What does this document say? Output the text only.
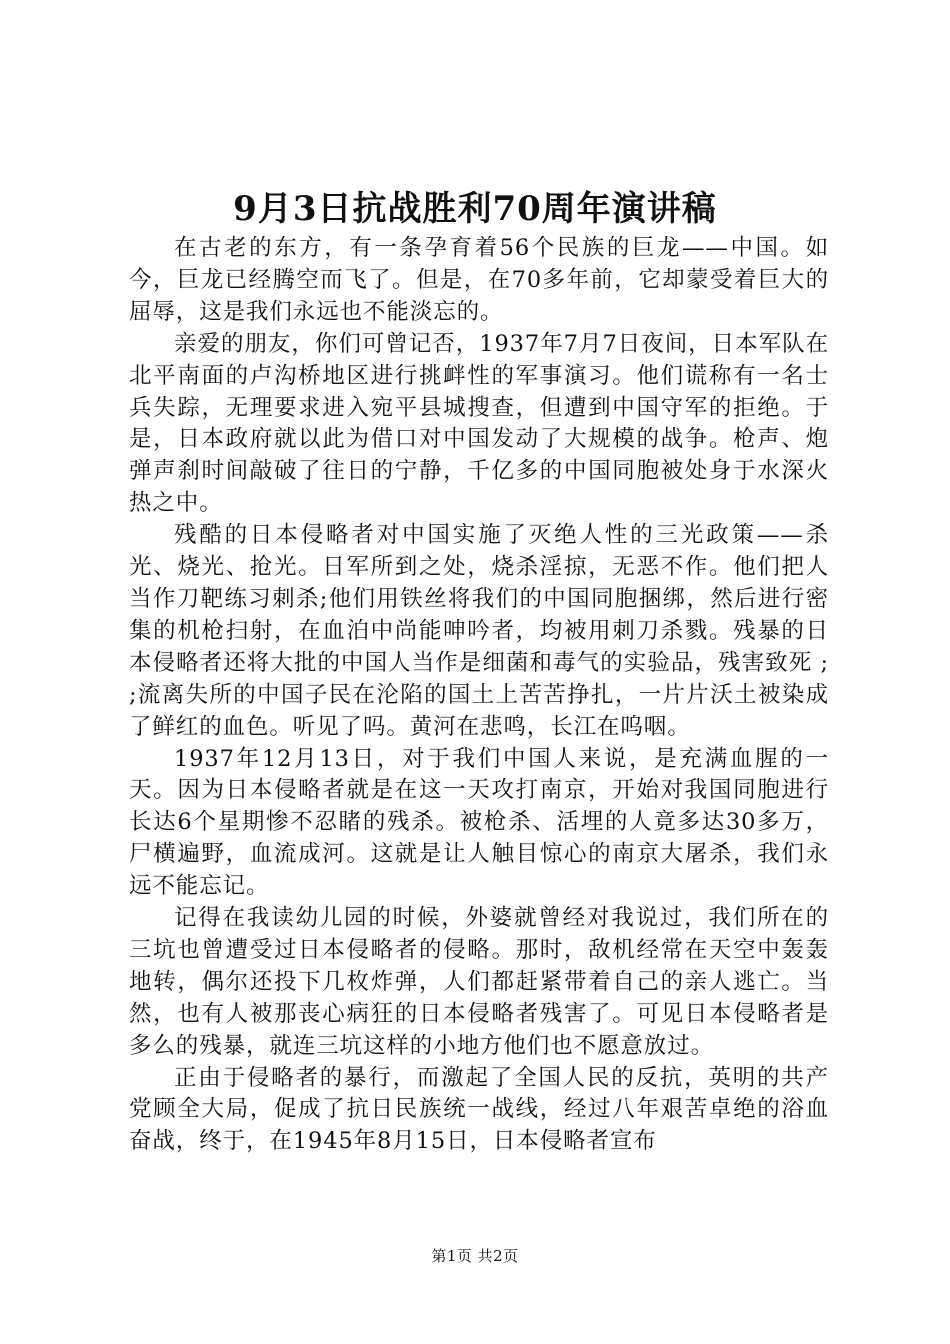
9月3日抗战胜利70周年演讲稿

在古老的东方，有一条孕育着56个民族的巨龙——中国。如今，巨龙已经腾空而飞了。但是，在70多年前，它却蒙受着巨大的屈辱，这是我们永远也不能淡忘的。

亲爱的朋友，你们可曾记否，1937年7月7日夜间，日本军队在北平南面的卢沟桥地区进行挑衅性的军事演习。他们谎称有一名士兵失踪，无理要求进入宛平县城搜查，但遭到中国守军的拒绝。于是，日本政府就以此为借口对中国发动了大规模的战争。枪声、炮弹声刹时间敲破了往日的宁静，千亿多的中国同胞被处身于水深火热之中。

残酷的日本侵略者对中国实施了灭绝人性的三光政策——杀光、烧光、抢光。日军所到之处，烧杀淫掠，无恶不作。他们把人当作刀靶练习刺杀;他们用铁丝将我们的中国同胞捆绑，然后进行密集的机枪扫射，在血泊中尚能呻吟者，均被用刺刀杀戮。残暴的日本侵略者还将大批的中国人当作是细菌和毒气的实验品，残害致死 ; ;流离失所的中国子民在沦陷的国土上苦苦挣扎，一片片沃土被染成了鲜红的血色。听见了吗。黄河在悲鸣，长江在呜咽。

1937年12月13日，对于我们中国人来说，是充满血腥的一天。因为日本侵略者就是在这一天攻打南京，开始对我国同胞进行长达6个星期惨不忍睹的残杀。被枪杀、活埋的人竟多达30多万，尸横遍野，血流成河。这就是让人触目惊心的南京大屠杀，我们永远不能忘记。

记得在我读幼儿园的时候，外婆就曾经对我说过，我们所在的三坑也曾遭受过日本侵略者的侵略。那时，敌机经常在天空中轰轰地转，偶尔还投下几枚炸弹，人们都赶紧带着自己的亲人逃亡。当然，也有人被那丧心病狂的日本侵略者残害了。可见日本侵略者是多么的残暴，就连三坑这样的小地方他们也不愿意放过。

正由于侵略者的暴行，而激起了全国人民的反抗，英明的共产党顾全大局，促成了抗日民族统一战线，经过八年艰苦卓绝的浴血奋战，终于，在1945年8月15日，日本侵略者宣布

第1页 共2页
